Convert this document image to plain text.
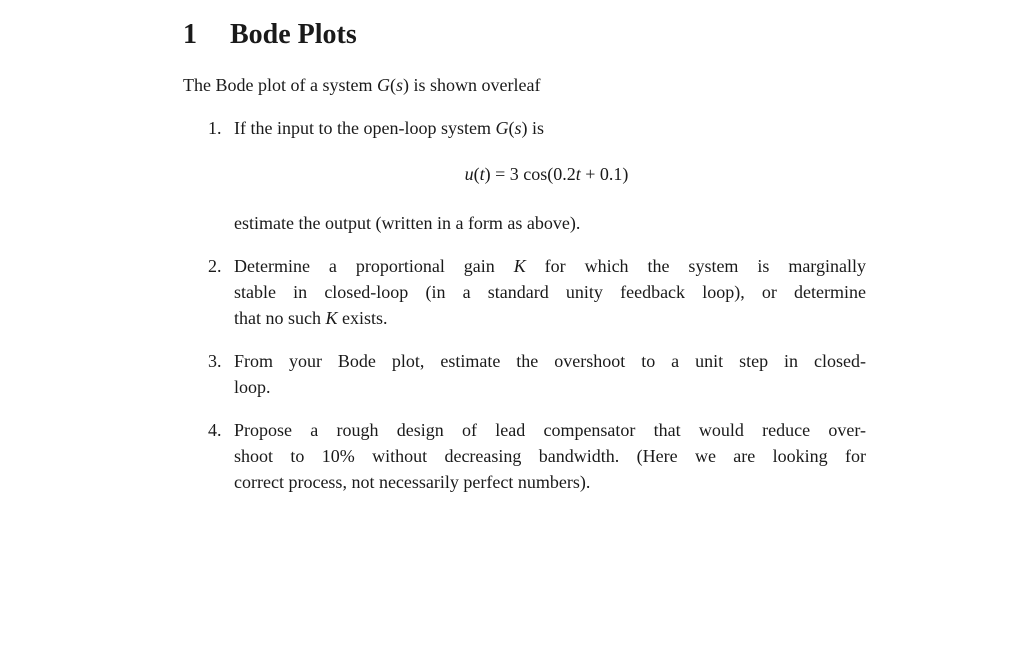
1 Bode Plots

The Bode plot of a system G(s) is shown overleaf

1. If the input to the open-loop system G(s) is
u(t) = 3 cos(0.2t + 0.1)
estimate the output (written in a form as above).
2. Determine a proportional gain K for which the system is marginally
stable in closed-loop (in a standard unity feedback loop), or determine
that no such K exists.
3. From your Bode plot, estimate the overshoot to a unit step in closed-
loop.
4. Propose a rough design of lead compensator that would reduce over-
shoot to 10% without decreasing bandwidth. (Here we are looking for
correct process, not necessarily perfect numbers).
